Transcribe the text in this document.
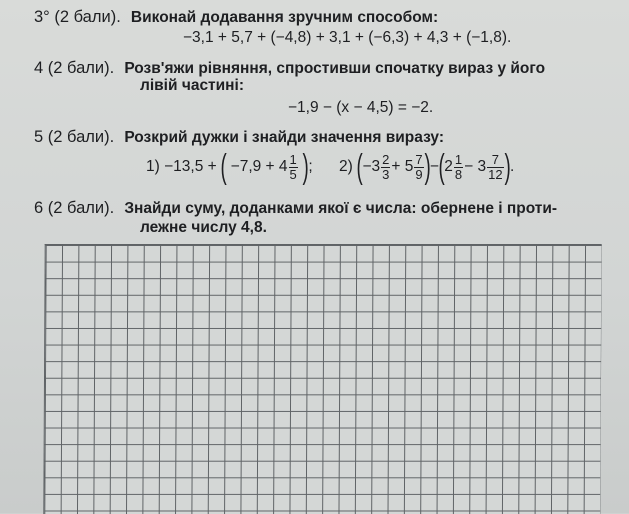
3° (2 бали). Виконай додавання зручним способом:
−3,1 + 5,7 + (−4,8) + 3,1 + (−6,3) + 4,3 + (−1,8).
4 (2 бали). Розв'яжи рівняння, спростивши спочатку вираз у його
лівій частині:
−1,9 − (x − 4,5) = −2.
5 (2 бали). Розкрий дужки і знайди значення виразу:
1) −13,5 + ( $-7,9 + 4 \frac{1}{5}$ ); 2) $(-3 \frac{2}{3} + 5 \frac{7}{9} )-(2 \frac{1}{8} - 3 \frac{7}{12}$ ).
6 (2 бали). Знайди суму, доданками якої є числа: обернене і проти-
лежне числу 4,8.
